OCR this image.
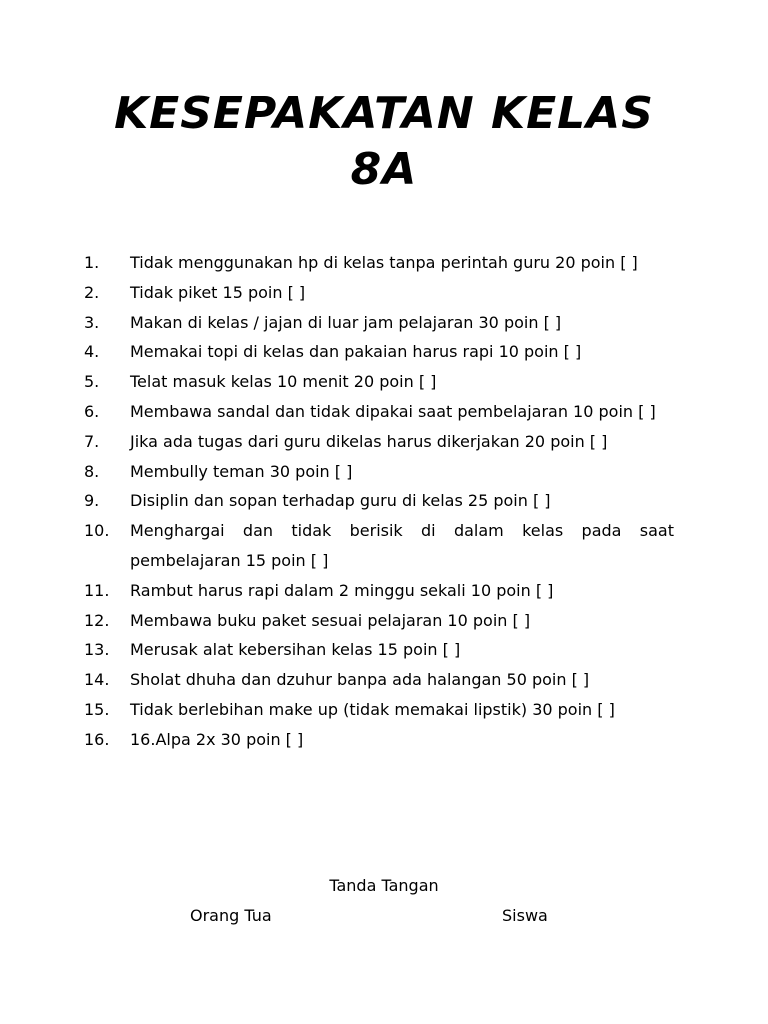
KESEPAKATAN KELAS
8A
1.	Tidak menggunakan hp di kelas tanpa perintah guru 20 poin [ ]
2.	Tidak piket 15 poin [ ]
3.	Makan di kelas / jajan di luar jam pelajaran 30 poin [ ]
4.	Memakai topi di kelas dan pakaian harus rapi 10 poin [ ]
5.	Telat masuk kelas 10 menit 20 poin [ ]
6.	Membawa sandal dan tidak dipakai saat pembelajaran 10 poin [ ]
7.	Jika ada tugas dari guru dikelas harus dikerjakan 20 poin [ ]
8.	Membully teman 30 poin [ ]
9.	Disiplin dan sopan terhadap guru di kelas 25 poin [ ]
10.	Menghargai dan tidak berisik di dalam kelas pada saat pembelajaran 15 poin [ ]
11.	Rambut harus rapi dalam 2 minggu sekali 10 poin [ ]
12.	Membawa buku paket sesuai pelajaran 10 poin [ ]
13.	Merusak alat kebersihan kelas 15 poin [ ]
14.	Sholat dhuha dan dzuhur banpa ada halangan 50 poin [ ]
15.	Tidak berlebihan make up (tidak memakai lipstik) 30 poin [ ]
16.	16.Alpa 2x 30 poin [ ]
Tanda Tangan
Orang Tua	Siswa
